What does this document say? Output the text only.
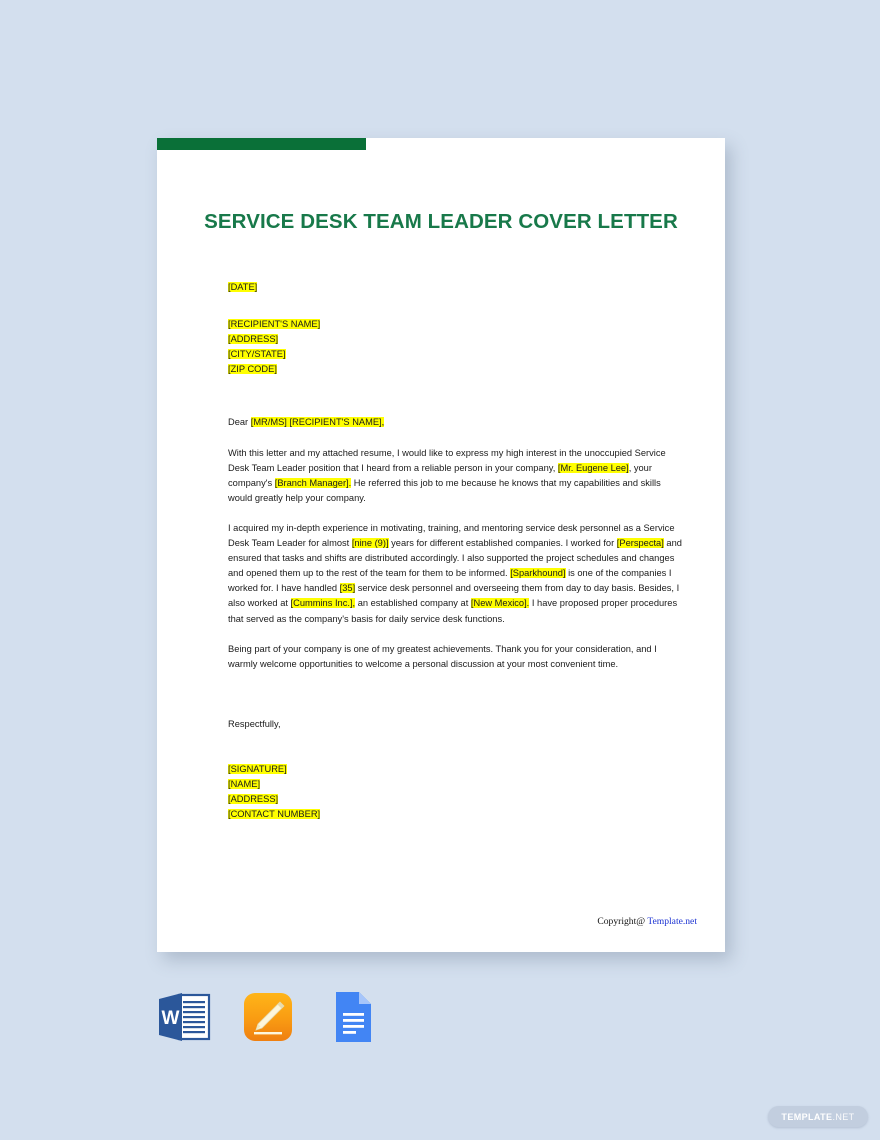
SERVICE DESK TEAM LEADER COVER LETTER
[DATE]
[RECIPIENT'S NAME]
[ADDRESS]
[CITY/STATE]
[ZIP CODE]
Dear [MR/MS] [RECIPIENT'S NAME],
With this letter and my attached resume, I would like to express my high interest in the unoccupied Service Desk Team Leader position that I heard from a reliable person in your company, [Mr. Eugene Lee], your company's [Branch Manager]. He referred this job to me because he knows that my capabilities and skills would greatly help your company.
I acquired my in-depth experience in motivating, training, and mentoring service desk personnel as a Service Desk Team Leader for almost [nine (9)] years for different established companies. I worked for [Perspecta] and ensured that tasks and shifts are distributed accordingly. I also supported the project schedules and changes and opened them up to the rest of the team for them to be informed. [Sparkhound] is one of the companies I worked for. I have handled [35] service desk personnel and overseeing them from day to day basis. Besides, I also worked at [Cummins Inc.], an established company at [New Mexico]. I have proposed proper procedures that served as the company's basis for daily service desk functions.
Being part of your company is one of my greatest achievements. Thank you for your consideration, and I warmly welcome opportunities to welcome a personal discussion at your most convenient time.
Respectfully,
[SIGNATURE]
[NAME]
[ADDRESS]
[CONTACT NUMBER]
Copyright@ Template.net
W
TEMPLATE .NET
